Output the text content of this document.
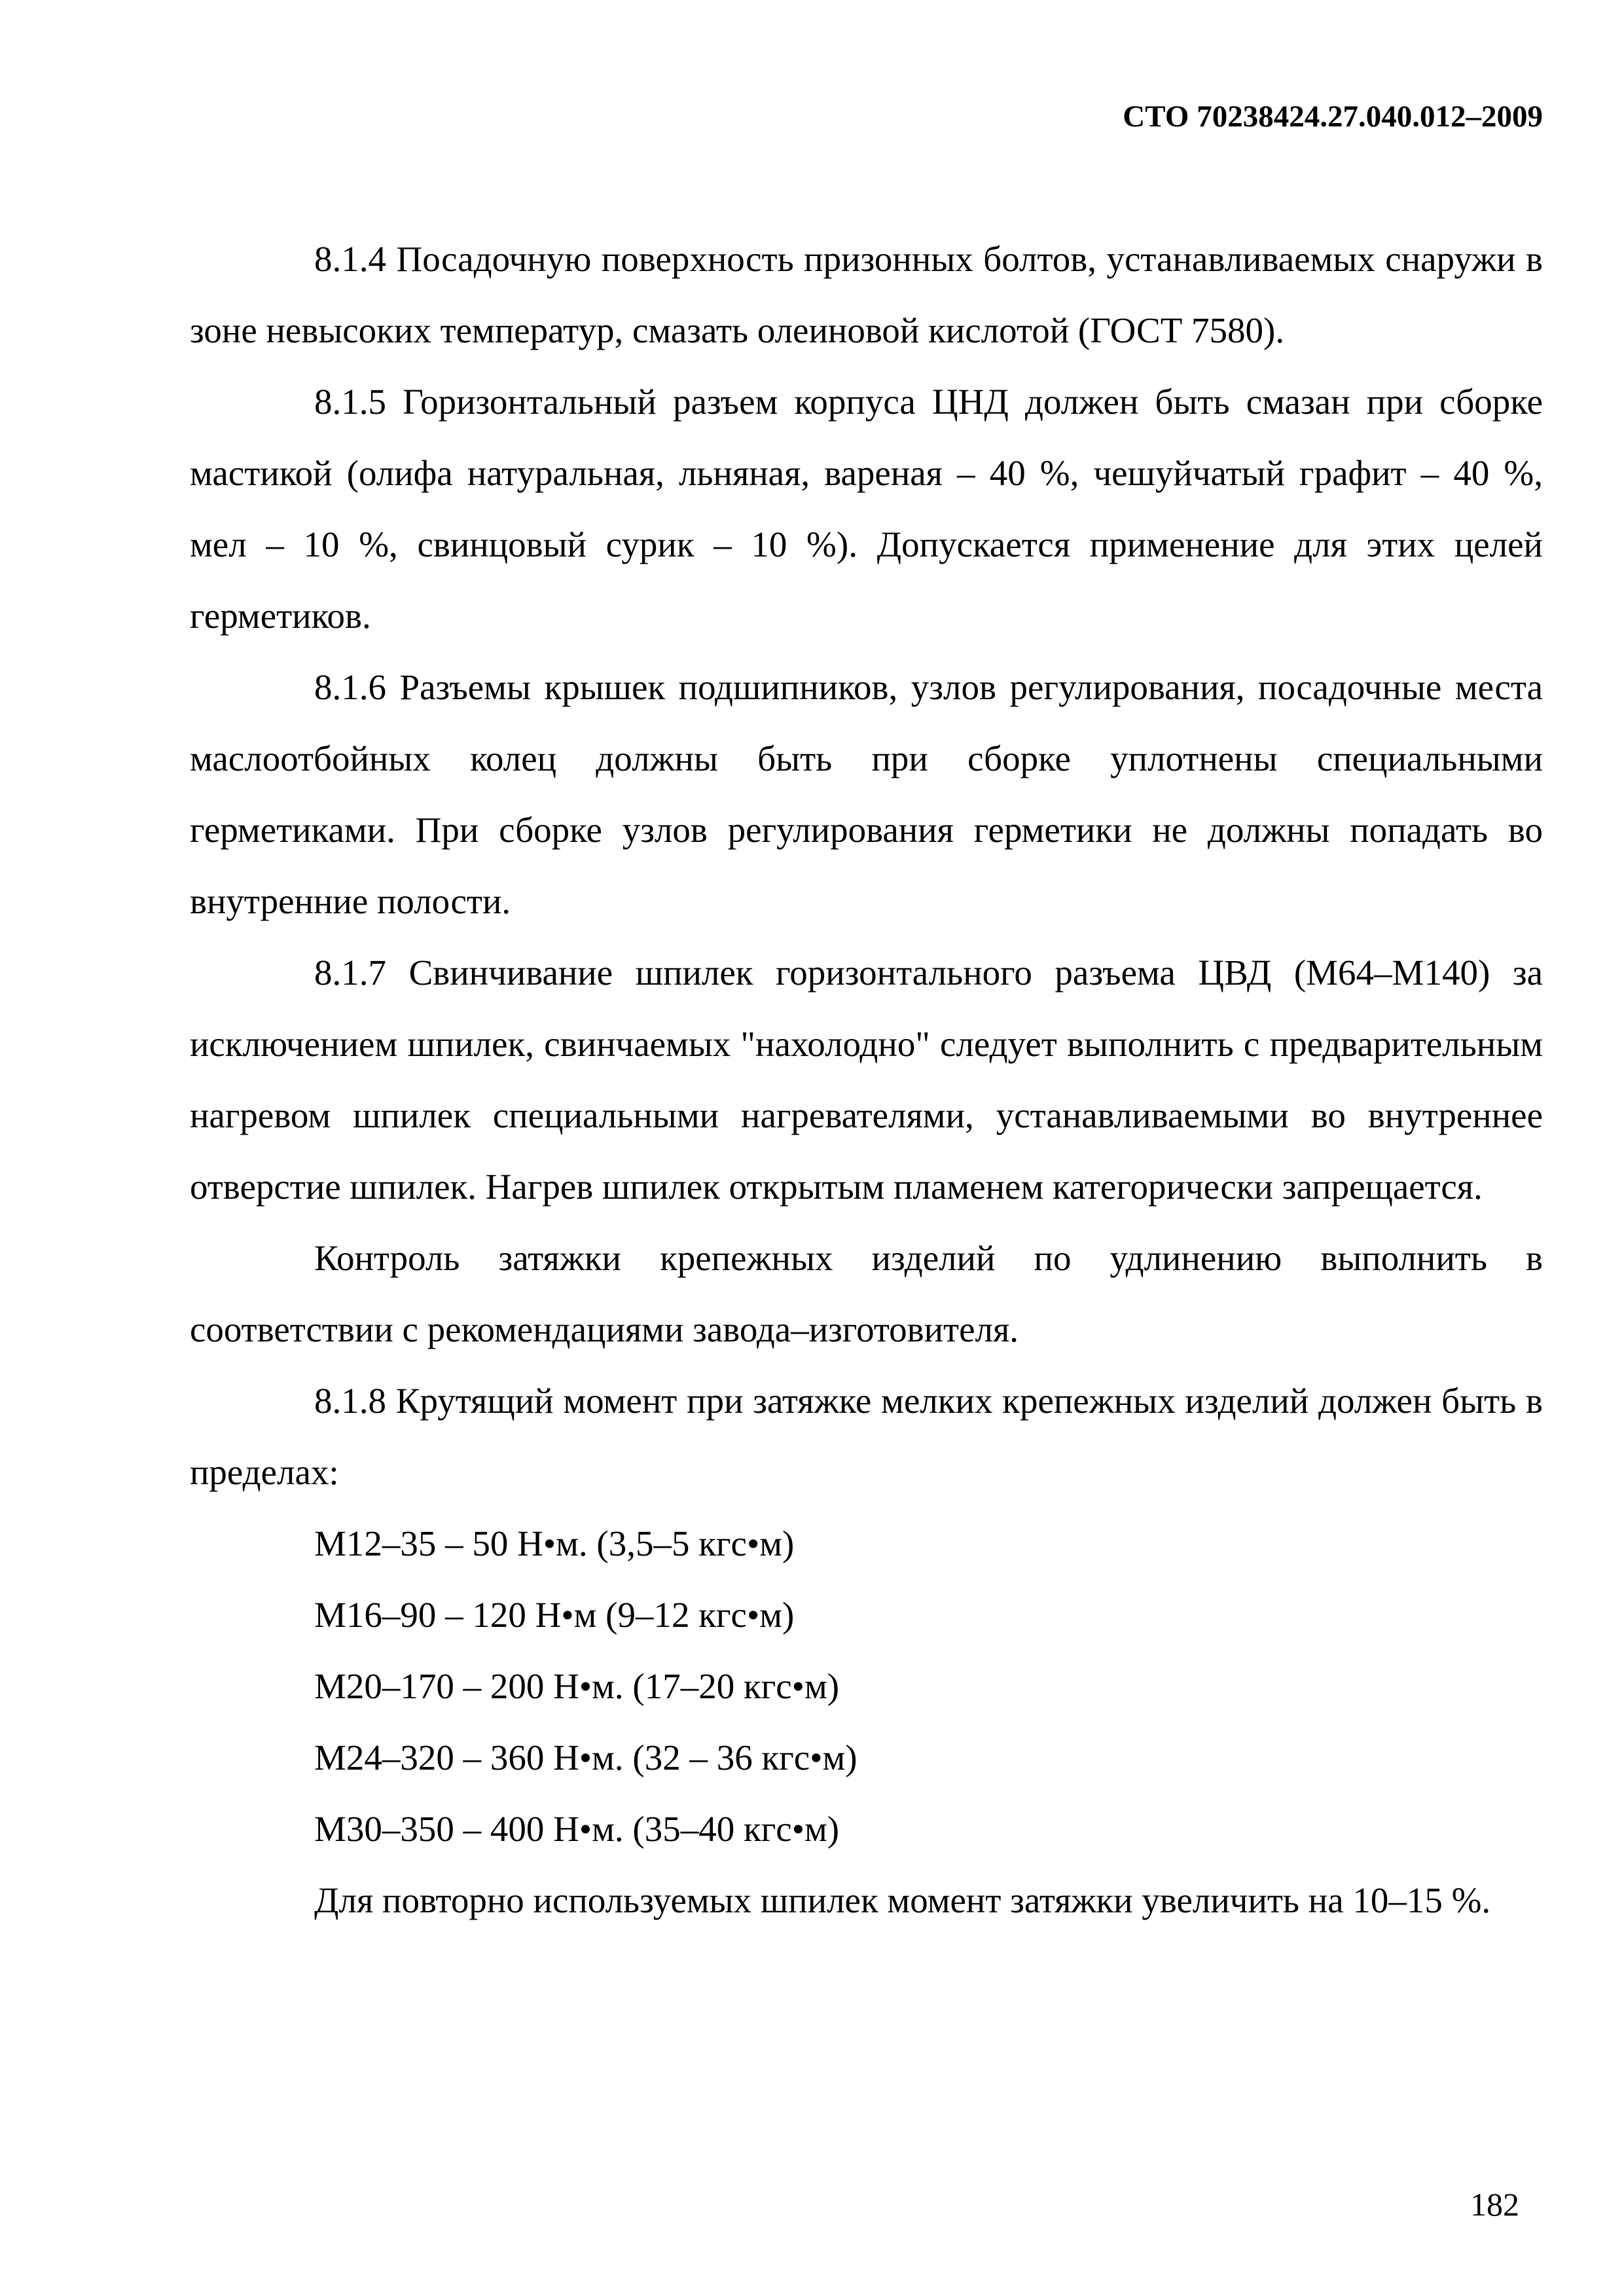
СТО 70238424.27.040.012–2009

8.1.4 Посадочную поверхность призонных болтов, устанавливаемых снаружи в зоне невысоких температур, смазать олеиновой кислотой (ГОСТ 7580).

8.1.5 Горизонтальный разъем корпуса ЦНД должен быть смазан при сборке мастикой (олифа натуральная, льняная, вареная – 40 %, чешуйчатый графит – 40 %, мел – 10 %, свинцовый сурик – 10 %). Допускается применение для этих целей герметиков.

8.1.6 Разъемы крышек подшипников, узлов регулирования, посадочные места маслоотбойных колец должны быть при сборке уплотнены специальными герметиками. При сборке узлов регулирования герметики не должны попадать во внутренние полости.

8.1.7 Свинчивание шпилек горизонтального разъема ЦВД (М64–М140) за исключением шпилек, свинчаемых "нахолодно" следует выполнить с предварительным нагревом шпилек специальными нагревателями, устанавливаемыми во внутреннее отверстие шпилек. Нагрев шпилек открытым пламенем категорически запрещается.

Контроль затяжки крепежных изделий по удлинению выполнить в соответствии с рекомендациями завода–изготовителя.

8.1.8 Крутящий момент при затяжке мелких крепежных изделий должен быть в пределах:

М12–35 – 50 Н•м. (3,5–5 кгс•м)

М16–90 – 120 Н•м (9–12 кгс•м)

М20–170 – 200 Н•м. (17–20 кгс•м)

М24–320 – 360 Н•м. (32 – 36 кгс•м)

М30–350 – 400 Н•м. (35–40 кгс•м)

Для повторно используемых шпилек момент затяжки увеличить на 10–15 %.

182
